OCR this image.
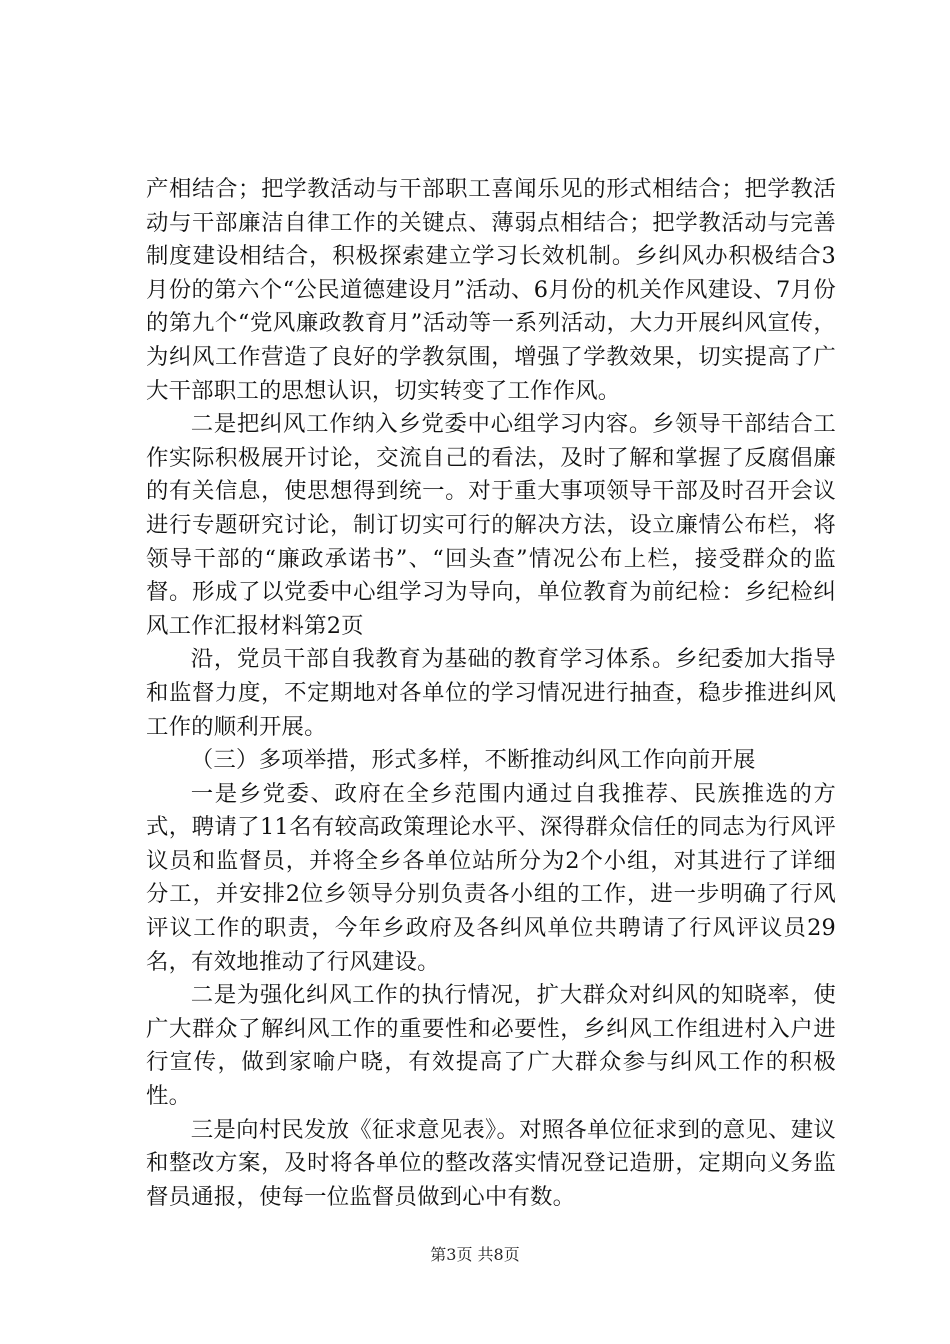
产相结合；把学教活动与干部职工喜闻乐见的形式相结合；把学教活动与干部廉洁自律工作的关键点、薄弱点相结合；把学教活动与完善制度建设相结合，积极探索建立学习长效机制。乡纠风办积极结合3月份的第六个“公民道德建设月”活动、6月份的机关作风建设、7月份的第九个“党风廉政教育月”活动等一系列活动，大力开展纠风宣传，为纠风工作营造了良好的学教氛围，增强了学教效果，切实提高了广大干部职工的思想认识，切实转变了工作作风。

二是把纠风工作纳入乡党委中心组学习内容。乡领导干部结合工作实际积极展开讨论，交流自己的看法，及时了解和掌握了反腐倡廉的有关信息，使思想得到统一。对于重大事项领导干部及时召开会议进行专题研究讨论，制订切实可行的解决方法，设立廉情公布栏，将领导干部的“廉政承诺书”、“回头查”情况公布上栏，接受群众的监督。形成了以党委中心组学习为导向，单位教育为前纪检：乡纪检纠风工作汇报材料第2页

沿，党员干部自我教育为基础的教育学习体系。乡纪委加大指导和监督力度，不定期地对各单位的学习情况进行抽查，稳步推进纠风工作的顺利开展。

（三）多项举措，形式多样，不断推动纠风工作向前开展

一是乡党委、政府在全乡范围内通过自我推荐、民族推选的方式，聘请了11名有较高政策理论水平、深得群众信任的同志为行风评议员和监督员，并将全乡各单位站所分为2个小组，对其进行了详细分工，并安排2位乡领导分别负责各小组的工作，进一步明确了行风评议工作的职责，今年乡政府及各纠风单位共聘请了行风评议员29名，有效地推动了行风建设。

二是为强化纠风工作的执行情况，扩大群众对纠风的知晓率，使广大群众了解纠风工作的重要性和必要性，乡纠风工作组进村入户进行宣传，做到家喻户晓，有效提高了广大群众参与纠风工作的积极性。

三是向村民发放《征求意见表》。对照各单位征求到的意见、建议和整改方案，及时将各单位的整改落实情况登记造册，定期向义务监督员通报，使每一位监督员做到心中有数。

第3页 共8页
